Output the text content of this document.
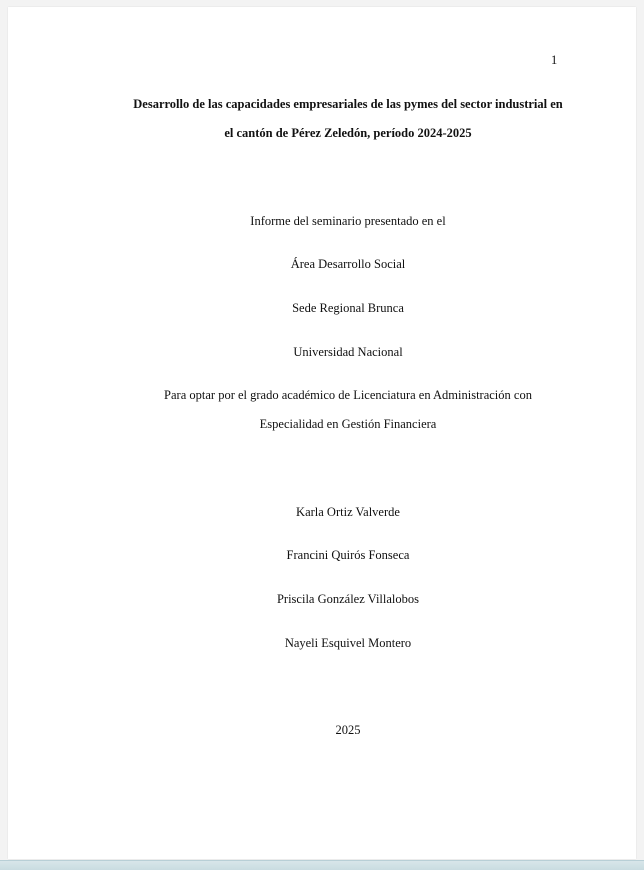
1
Desarrollo de las capacidades empresariales de las pymes del sector industrial en
el cantón de Pérez Zeledón, período 2024-2025
Informe del seminario presentado en el
Área Desarrollo Social
Sede Regional Brunca
Universidad Nacional
Para optar por el grado académico de Licenciatura en Administración con
Especialidad en Gestión Financiera
Karla Ortiz Valverde
Francini Quirós Fonseca
Priscila González Villalobos
Nayeli Esquivel Montero
2025
